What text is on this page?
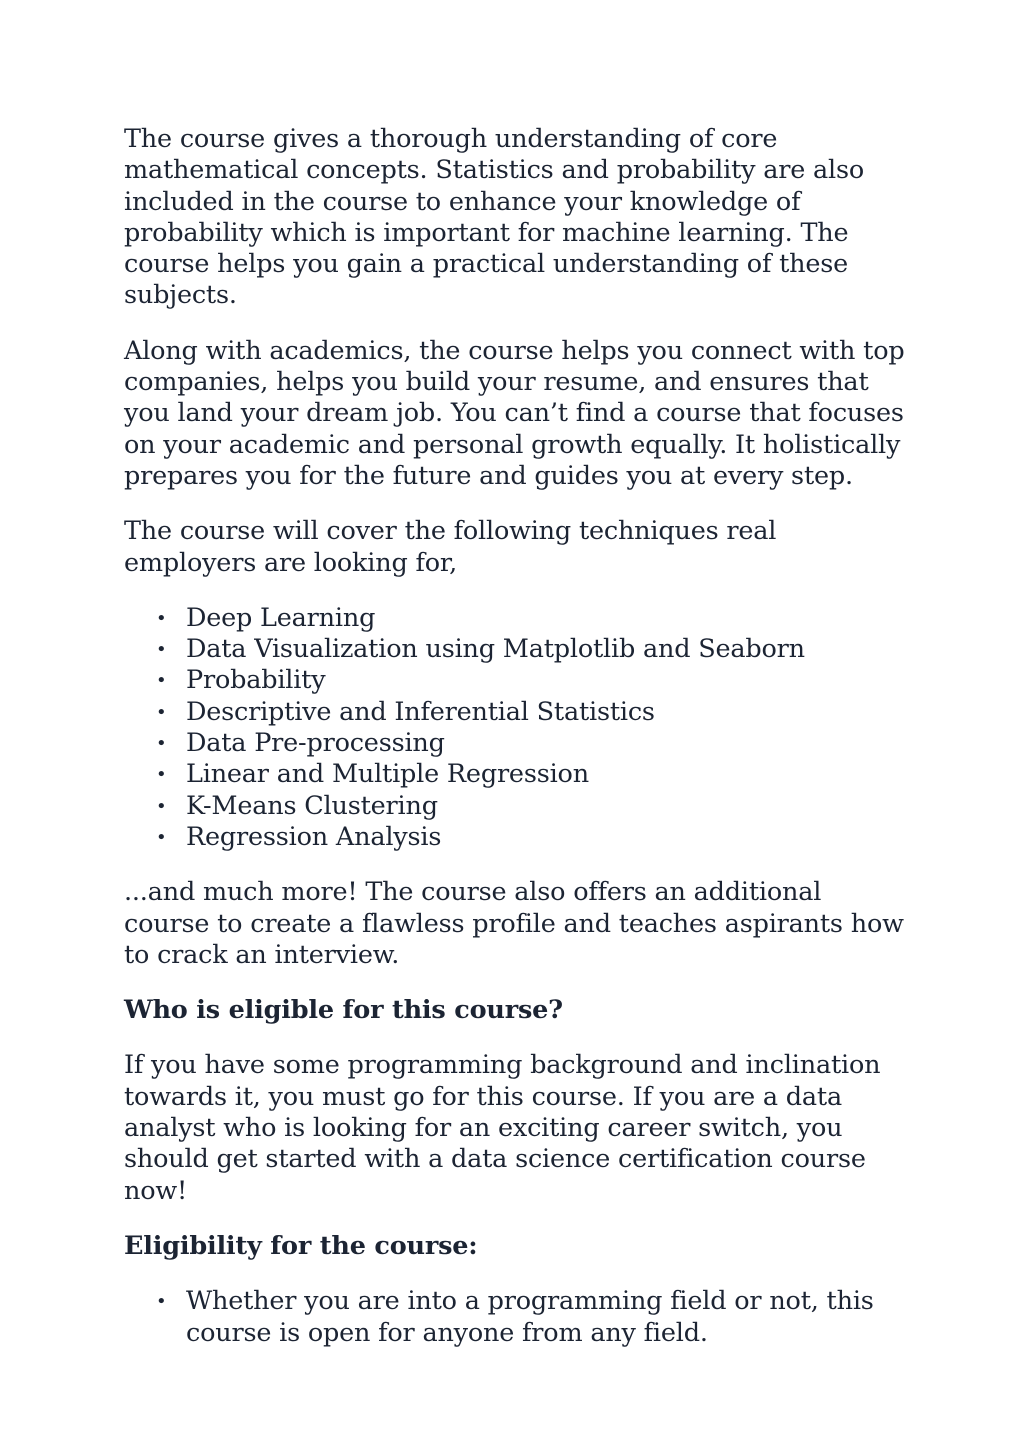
The course gives a thorough understanding of core mathematical concepts. Statistics and probability are also included in the course to enhance your knowledge of probability which is important for machine learning. The course helps you gain a practical understanding of these subjects.

Along with academics, the course helps you connect with top companies, helps you build your resume, and ensures that you land your dream job. You can’t find a course that focuses on your academic and personal growth equally. It holistically prepares you for the future and guides you at every step.

The course will cover the following techniques real employers are looking for,

• Deep Learning
• Data Visualization using Matplotlib and Seaborn
• Probability
• Descriptive and Inferential Statistics
• Data Pre-processing
• Linear and Multiple Regression
• K-Means Clustering
• Regression Analysis

...and much more! The course also offers an additional course to create a flawless profile and teaches aspirants how to crack an interview.

Who is eligible for this course?

If you have some programming background and inclination towards it, you must go for this course. If you are a data analyst who is looking for an exciting career switch, you should get started with a data science certification course now!

Eligibility for the course:
• Whether you are into a programming field or not, this course is open for anyone from any field.
